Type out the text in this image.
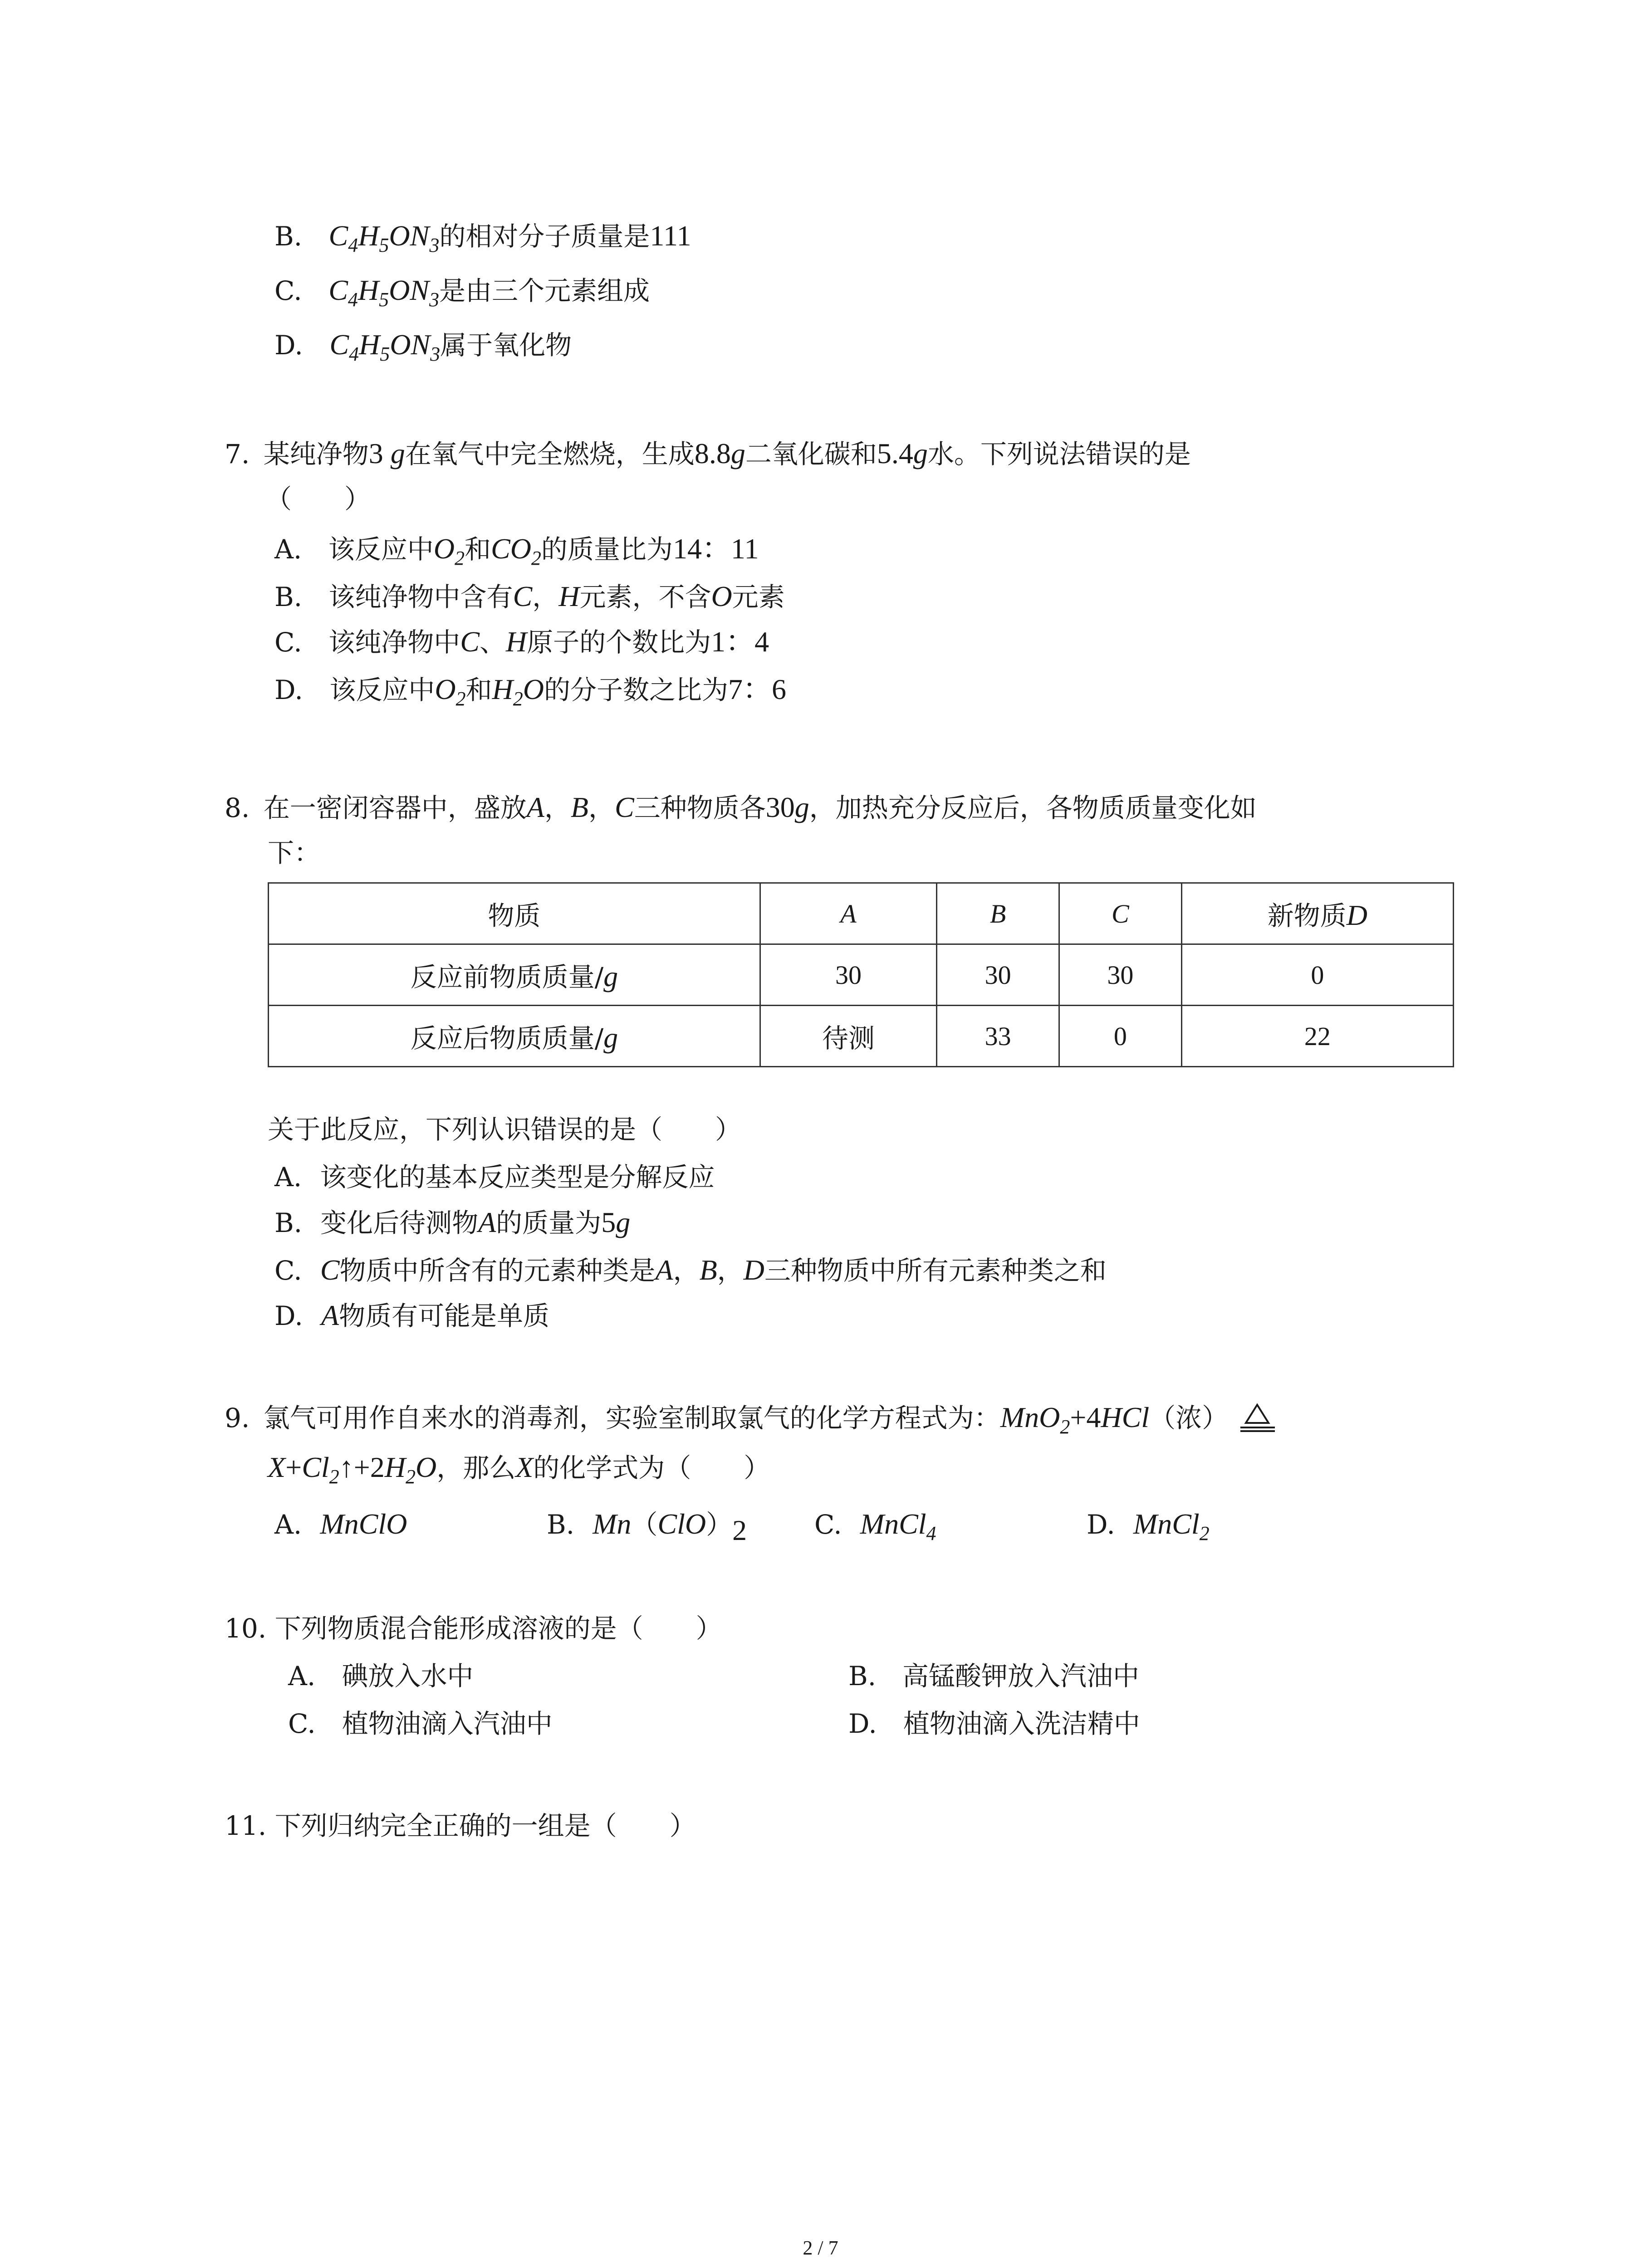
B. $C_4H_5ON_3$的相对分子质量是111
C. $C_4H_5ON_3$是由三个元素组成
D. $C_4H_5ON_3$属于氧化物
7. 某纯净物3 g在氧气中完全燃烧，生成8.8g二氧化碳和5.4g水。下列说法错误的是
（　　）
A. 该反应中$O_2$和$CO_2$的质量比为14：11
B. 该纯净物中含有C，H元素，不含O元素
C. 该纯净物中C、H原子的个数比为1：4
D. 该反应中$O_2$和$H_2O$的分子数之比为7：6
8. 在一密闭容器中，盛放A，B，C三种物质各30g，加热充分反应后，各物质质量变化如
下：
物质	A	B	C	新物质D
反应前物质质量/g	30	30	30	0
反应后物质质量/g	待测	33	0	22
关于此反应，下列认识错误的是（　　）
A. 该变化的基本反应类型是分解反应
B. 变化后待测物A的质量为5g
C. C物质中所含有的元素种类是A，B，D三种物质中所有元素种类之和
D. A物质有可能是单质
9. 氯气可用作自来水的消毒剂，实验室制取氯气的化学方程式为：MnO$_2$+4HCl（浓）
$X+Cl_2↑+2H_2O$，那么X的化学式为（　　）
A. MnClO	B. $Mn(ClO)_2$	C. MnCl$_4$	D. MnCl$_2$
10. 下列物质混合能形成溶液的是（　　）
A.　碘放入水中	B.　高锰酸钾放入汽油中
C.　植物油滴入汽油中	D.　植物油滴入洗洁精中
11. 下列归纳完全正确的一组是（　　）
2 / 7
